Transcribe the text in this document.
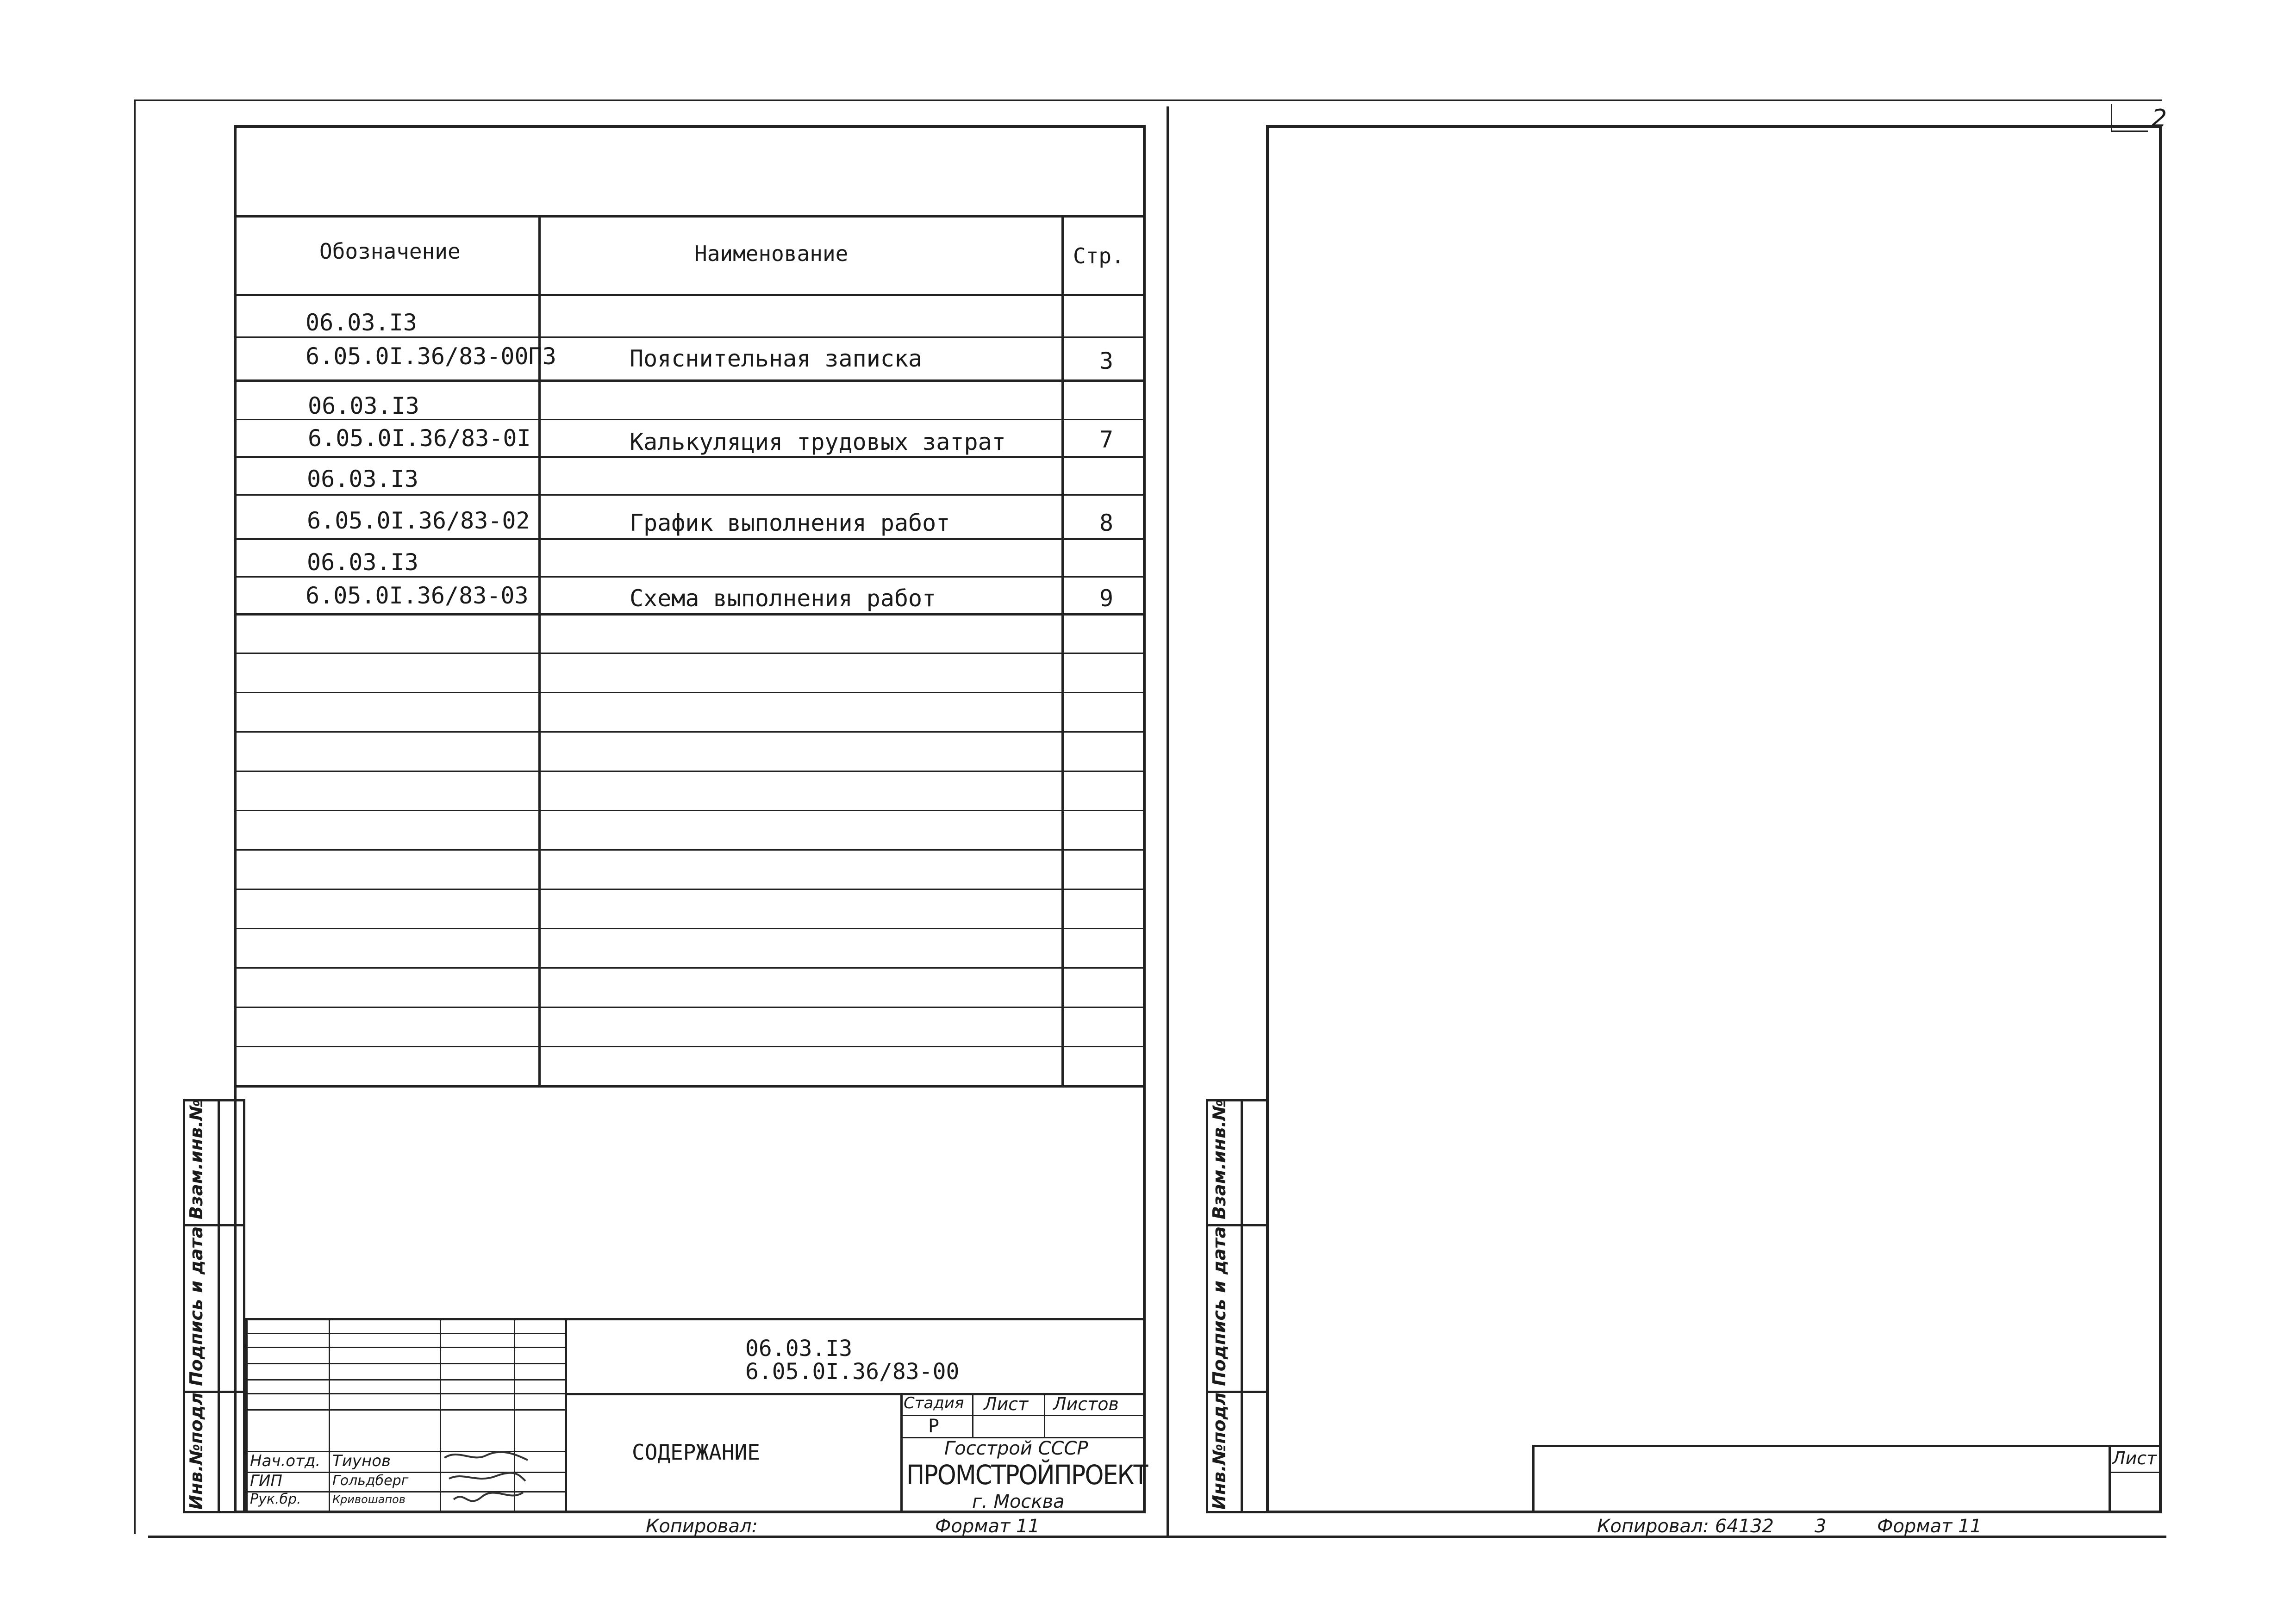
2
Обозначение	Наименование	Стр.
06.03.I3
6.05.0I.36/83-00ПЗ	Пояснительная записка	3
06.03.I3
6.05.0I.36/83-0I	Калькуляция трудовых затрат	7
06.03.I3
6.05.0I.36/83-02	График выполнения работ	8
06.03.I3
6.05.0I.36/83-03	Схема выполнения работ	9
Взам.инв.№
Подпись и дата
Инв.№подл	Нач.отд. Тиунов
ГИП	Гольдберг
Рук.бр.	Кривошапов
06.03.I3
6.05.0I.36/83-00
СОДЕРЖАНИЕ
Стадия Лист Листов
Р
Госстрой СССР
ПРОМСТРОЙПРОЕКТ
г. Москва
Копировал:	Формат 11
Взам.инв.№
Подпись и дата
Инв.№подл	Лист
Копировал: 64132 3	Формат 11
